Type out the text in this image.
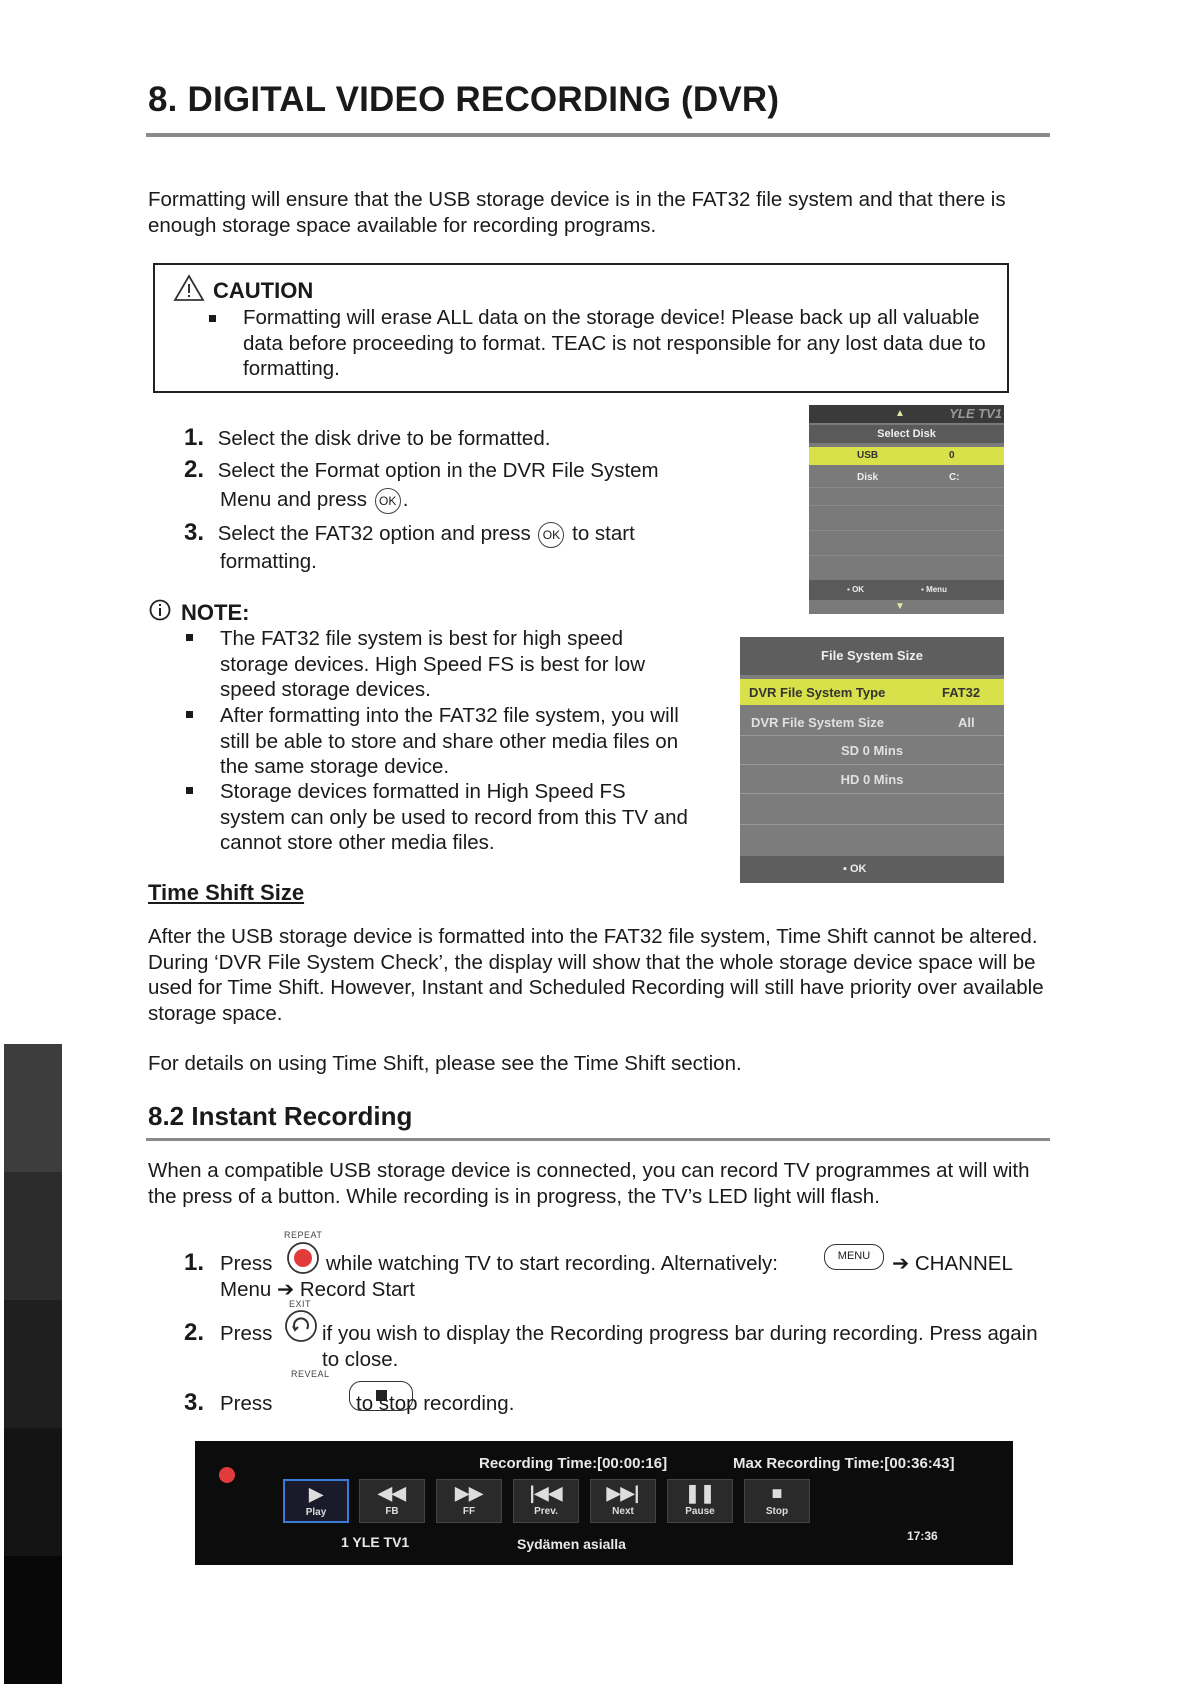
8. DIGITAL VIDEO RECORDING (DVR)
Formatting will ensure that the USB storage device is in the FAT32 file system and that there is enough storage space available for recording programs.
CAUTION
Formatting will erase ALL data on the storage device! Please back up all valuable data before proceeding to format. TEAC is not responsible for any lost data due to formatting.
1. Select the disk drive to be formatted.
2. Select the Format option in the DVR File System
Menu and press OK .
3. Select the FAT32 option and press OK to start
formatting.
YLE TV1
▲
Select Disk
USB	0
Disk	C:
▪ OK	▪ Menu
▼
NOTE:
The FAT32 file system is best for high speed storage devices. High Speed FS is best for low speed storage devices.
After formatting into the FAT32 file system, you will still be able to store and share other media files on the same storage device.
Storage devices formatted in High Speed FS system can only be used to record from this TV and cannot store other media files.
File System Size
DVR File System Type	FAT32
DVR File System Size	All
SD 0 Mins
HD 0 Mins
▪ OK
Time Shift Size
After the USB storage device is formatted into the FAT32 file system, Time Shift cannot be altered. During ‘DVR File System Check’, the display will show that the whole storage device space will be used for Time Shift. However, Instant and Scheduled Recording will still have priority over available storage space.
For details on using Time Shift, please see the Time Shift section.
8.2 Instant Recording
When a compatible USB storage device is connected, you can record TV programmes at will with the press of a button. While recording is in progress, the TV’s LED light will flash.
1. Press
REPEAT
while watching TV to start recording. Alternatively:	MENU ➔ CHANNEL
Menu ➔ Record Start
2. Press
EXIT
if you wish to display the Recording progress bar during recording. Press again to close.
3. Press
REVEAL
to stop recording.
Recording Time:[00:00:16]	Max Recording Time:[00:36:43]
▶
Play
◀◀
FB
▶▶
FF
|◀◀
Prev.
▶▶|
Next
❚❚
Pause
■
Stop
1 YLE TV1	Sydämen asialla	17:36
